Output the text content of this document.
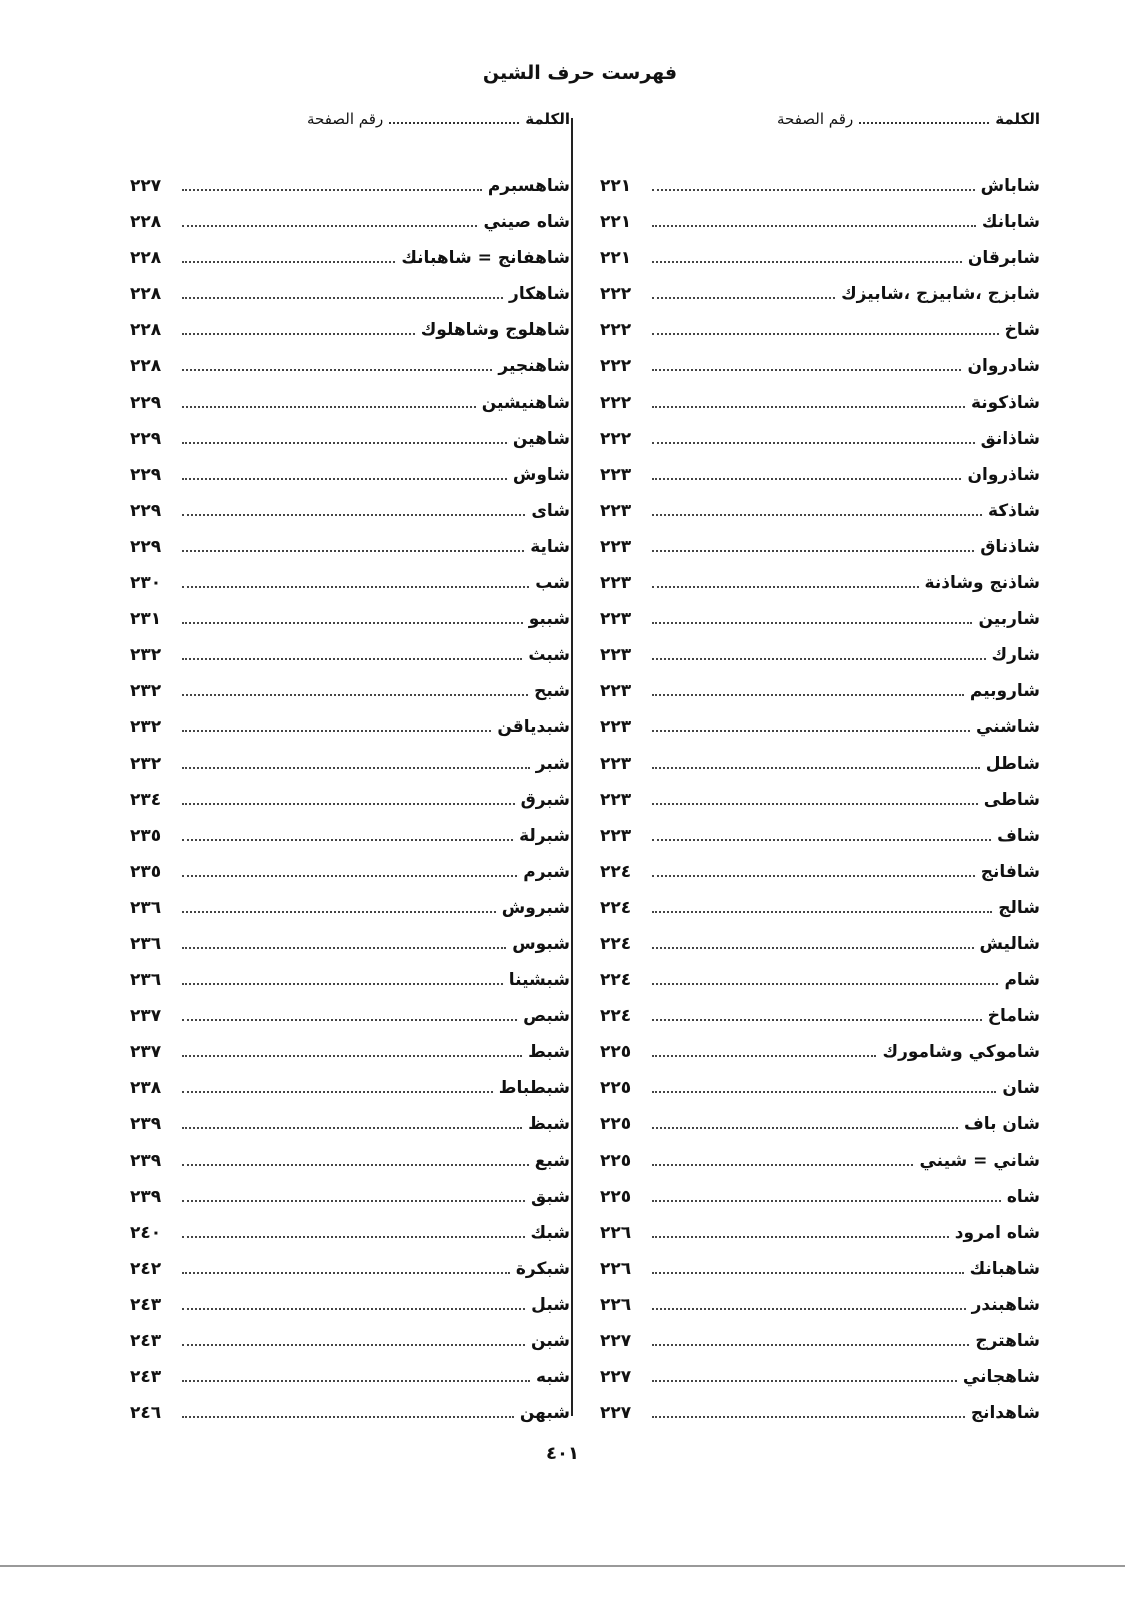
فهرست حرف الشين
الكلمة
رقم الصفحة
شاباش
٢٢١
شابانك
٢٢١
شابرقان
٢٢١
شابزج ،شابيزج ،شابيزك
٢٢٢
شاخ
٢٢٢
شادروان
٢٢٢
شاذكونة
٢٢٢
شاذانق
٢٢٢
شاذروان
٢٢٣
شاذكة
٢٢٣
شاذناق
٢٢٣
شاذنج وشاذنة
٢٢٣
شاربين
٢٢٣
شارك
٢٢٣
شاروبيم
٢٢٣
شاشني
٢٢٣
شاطل
٢٢٣
شاطى
٢٢٣
شاف
٢٢٣
شافانج
٢٢٤
شالج
٢٢٤
شاليش
٢٢٤
شام
٢٢٤
شاماخ
٢٢٤
شاموكي وشامورك
٢٢٥
شان
٢٢٥
شان باف
٢٢٥
شاني = شيني
٢٢٥
شاه
٢٢٥
شاه امرود
٢٢٦
شاهبانك
٢٢٦
شاهبندر
٢٢٦
شاهترج
٢٢٧
شاهجاني
٢٢٧
شاهدانج
٢٢٧
الكلمة
رقم الصفحة
شاهسبرم
٢٢٧
شاه صيني
٢٢٨
شاهفانج = شاهبانك
٢٢٨
شاهكار
٢٢٨
شاهلوج وشاهلوك
٢٢٨
شاهنجير
٢٢٨
شاهنيشين
٢٢٩
شاهين
٢٢٩
شاوش
٢٢٩
شاى
٢٢٩
شاية
٢٢٩
شب
٢٣٠
شببو
٢٣١
شبث
٢٣٢
شبح
٢٣٢
شبدياقن
٢٣٢
شبر
٢٣٢
شبرق
٢٣٤
شبرلة
٢٣٥
شبرم
٢٣٥
شبروش
٢٣٦
شبوس
٢٣٦
شبشينا
٢٣٦
شبص
٢٣٧
شبط
٢٣٧
شبطباط
٢٣٨
شبظ
٢٣٩
شبع
٢٣٩
شبق
٢٣٩
شبك
٢٤٠
شبكرة
٢٤٢
شبل
٢٤٣
شبن
٢٤٣
شبه
٢٤٣
شبهن
٢٤٦
٤٠١
